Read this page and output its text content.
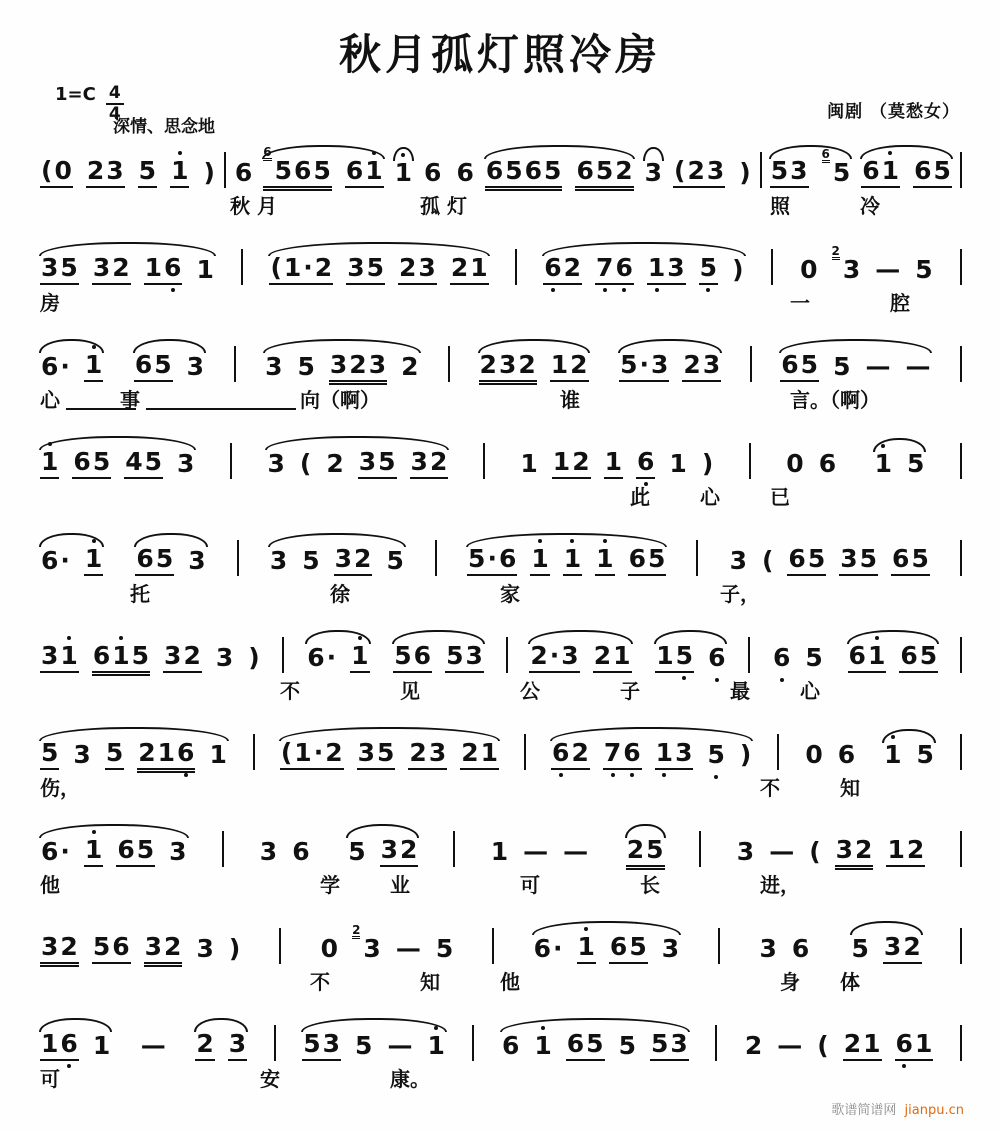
秋月孤灯照冷房
$1=C \frac{4}{4}$
深情、思念地
闽剧 （莫愁女）
( 0 2 3 5 1 ) 6
6
5 6 5 6 1 1 6 6 6 5 6 5 6 5 2 3 ( 2 3 ) 5 3
6
5 6 1 6 5
秋 月	孤 灯	照	冷
3 5 3 2 1 6 1 ( 1 · 2 3 5 2 3 2 1 6 2 7 6 1 3 5 ) 0
2
3 — 5
房	一	腔
6 · 1 6 5 3 3 5 3 2 3 2 2 3 2 1 2 5 · 3 2 3 6 5 5 — —
心	事	向（啊）	谁	言。（啊）
1 6 5 4 5 3	3 ( 2 3 5 3 2	1 1 2 1 6 1 )	0 6 1 5
此	心	已
6 · 1 6 5 3	3 5 3 2 5	5 · 6 1 1 1 6 5	3 ( 6 5 3 5 6 5
托	徐	家	子，
3 1 6 1 5 3 2 3 ) 6 · 1 5 6 5 3 2 · 3 2 1 1 5 6 6 5 6 1 6 5
不	见	公	子	最	心
5 3 5 2 1 6 1 ( 1 · 2 3 5 2 3 2 1 6 2 7 6 1 3 5 ) 0 6 1 5
伤，	不	知
6 · 1 6 5 3	3 6 5 3 2	1 — — 2 5	3 — ( 3 2 1 2
他	学	业	可	长	进，
3 2 5 6 3 2 3 )	0
2
3 — 5	6 · 1 6 5 3	3 6 5 3 2
不	知	他	身 体
1 6 1 — 2 3 5 3 5 — 1 6 1 6 5 5 5 3 2 — ( 2 1 6 1
可	安	康。
歌谱简谱网 jianpu.cn
